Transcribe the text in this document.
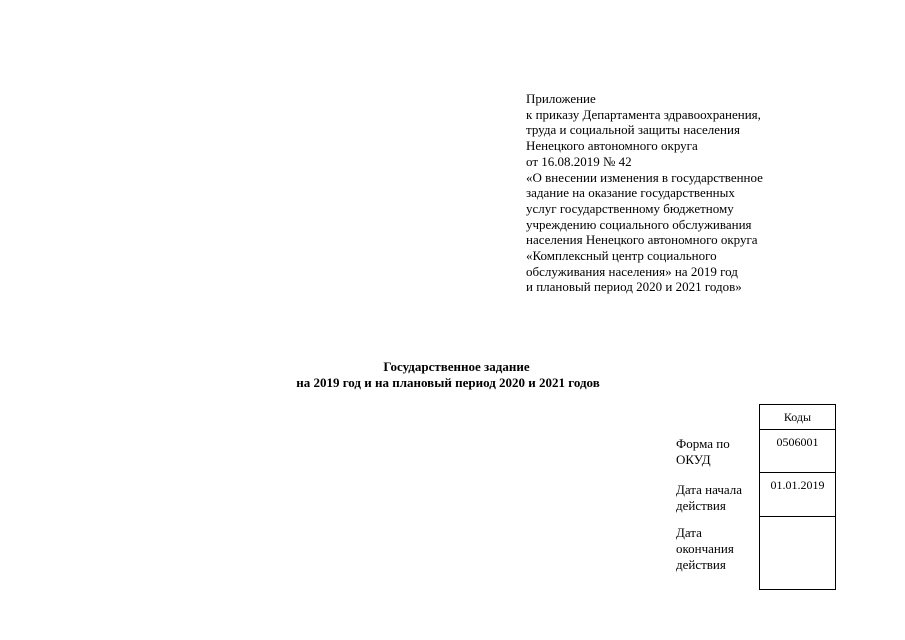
Приложение
к приказу Департамента здравоохранения,
труда и социальной защиты населения
Ненецкого автономного округа
от 16.08.2019 № 42
«О внесении изменения в государственное
задание на оказание государственных
услуг государственному бюджетному
учреждению социального обслуживания
населения Ненецкого автономного округа
«Комплексный центр социального
обслуживания населения» на 2019 год
и плановый период 2020 и 2021 годов»
Государственное задание
на 2019 год и на плановый период 2020 и 2021 годов
Форма по
ОКУД
Дата начала
действия
Дата
окончания
действия
Коды
0506001
01.01.2019
